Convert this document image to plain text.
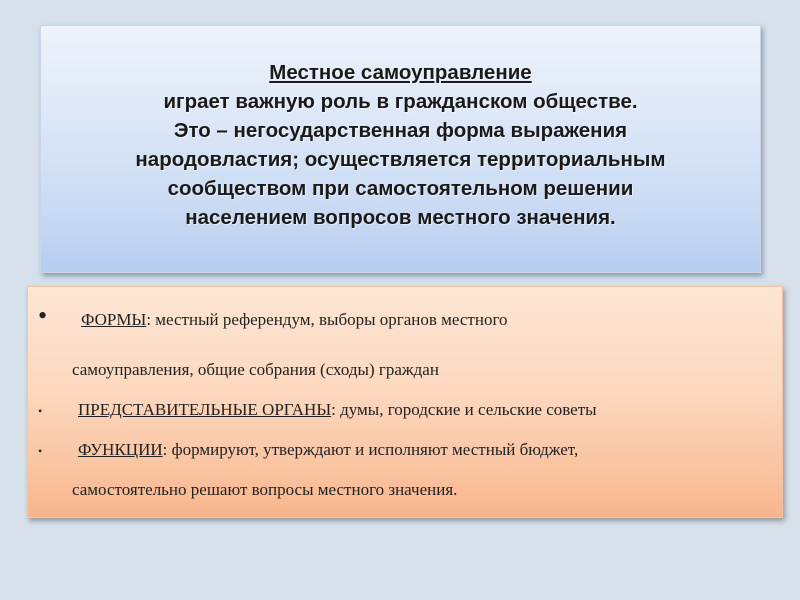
Местное самоуправление
играет важную роль в гражданском обществе.
Это – негосударственная форма выражения
народовластия; осуществляется территориальным
сообществом при самостоятельном решении
населением вопросов местного значения.
• ФОРМЫ: местный референдум, выборы органов местного
самоуправления, общие собрания (сходы) граждан
• ПРЕДСТАВИТЕЛЬНЫЕ ОРГАНЫ: думы, городские и сельские советы
• ФУНКЦИИ: формируют, утверждают и исполняют местный бюджет,
самостоятельно решают вопросы местного значения.
